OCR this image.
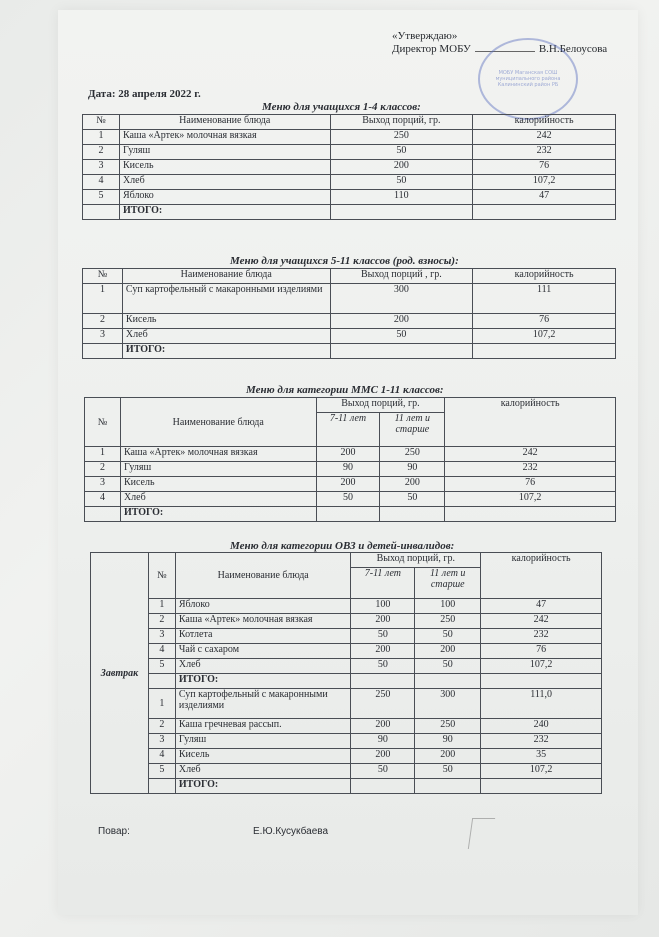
«Утверждаю»
Директор МОБУ	В.Н.Белоусова
МОБУ Маганская СОШ муниципального района Калининский район РБ
Дата: 28 апреля 2022 г.
Меню для учащихся 1-4 классов:
№	Наименование блюда	Выход порций, гр.	калорийность
1	Каша «Артек» молочная вязкая	250	242
2	Гуляш	50	232
3	Кисель	200	76
4	Хлеб	50	107,2
5	Яблоко	110	47
	ИТОГО:		
Меню для учащихся 5-11 классов (род. взносы):
№	Наименование блюда	Выход порций , гр.	калорийность
1	Суп картофельный с макаронными изделиями	300	111
2	Кисель	200	76
3	Хлеб	50	107,2
	ИТОГО:		
Меню для категории ММС 1-11 классов:
№	Наименование блюда	Выход порций, гр.		калорийность
		7-11 лет	11 лет и старше	
1	Каша «Артек» молочная вязкая	200	250	242
2	Гуляш	90	90	232
3	Кисель	200	200	76
4	Хлеб	50	50	107,2
	ИТОГО:			
Меню для категории ОВЗ и детей-инвалидов:
Завтрак	№	Наименование блюда	Выход порций, гр.		калорийность
			7-11 лет	11 лет и старше	
	1	Яблоко	100	100	47
	2	Каша «Артек» молочная вязкая	200	250	242
	3	Котлета	50	50	232
	4	Чай с сахаром	200	200	76
	5	Хлеб	50	50	107,2
		ИТОГО:			
	1	Суп картофельный с макаронными изделиями	250	300	111,0
	2	Каша гречневая рассып.	200	250	240
	3	Гуляш	90	90	232
	4	Кисель	200	200	35
	5	Хлеб	50	50	107,2
		ИТОГО:			
Повар:	Е.Ю.Кусукбаева
